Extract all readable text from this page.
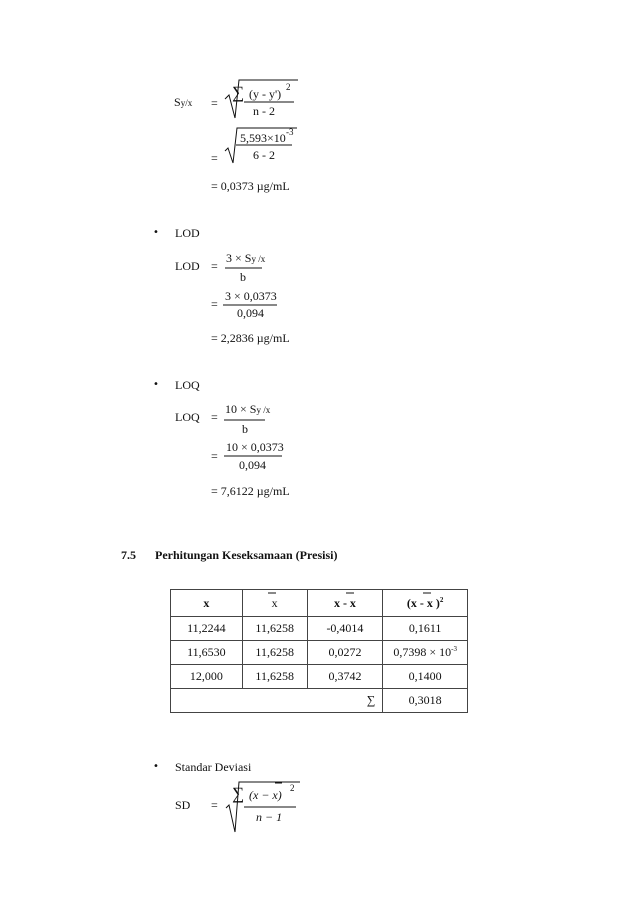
Sy/x =
∑ (y - y') 2
n - 2
5,593×10 -3
=	6 - 2
= 0,0373 µg/mL
• LOD
LOD =
3 × Sy /x
b
3 × 0,0373
=
0,094
= 2,2836 µg/mL
• LOQ
LOQ =
10 × Sy /x
b
10 × 0,0373
=
0,094
= 7,6122 µg/mL
7.5 Perhitungan Keseksamaan (Presisi)
x	x	x - x	(x - x )$^2$
11,2244	11,6258	-0,4014	0,1611
11,6530	11,6258	0,0272	$0,7398 \times 10^{-3}$
12,000	11,6258	0,3742	0,1400
∑			0,3018
• Standar Deviasi
SD =
∑ (x − x) 2
n − 1
